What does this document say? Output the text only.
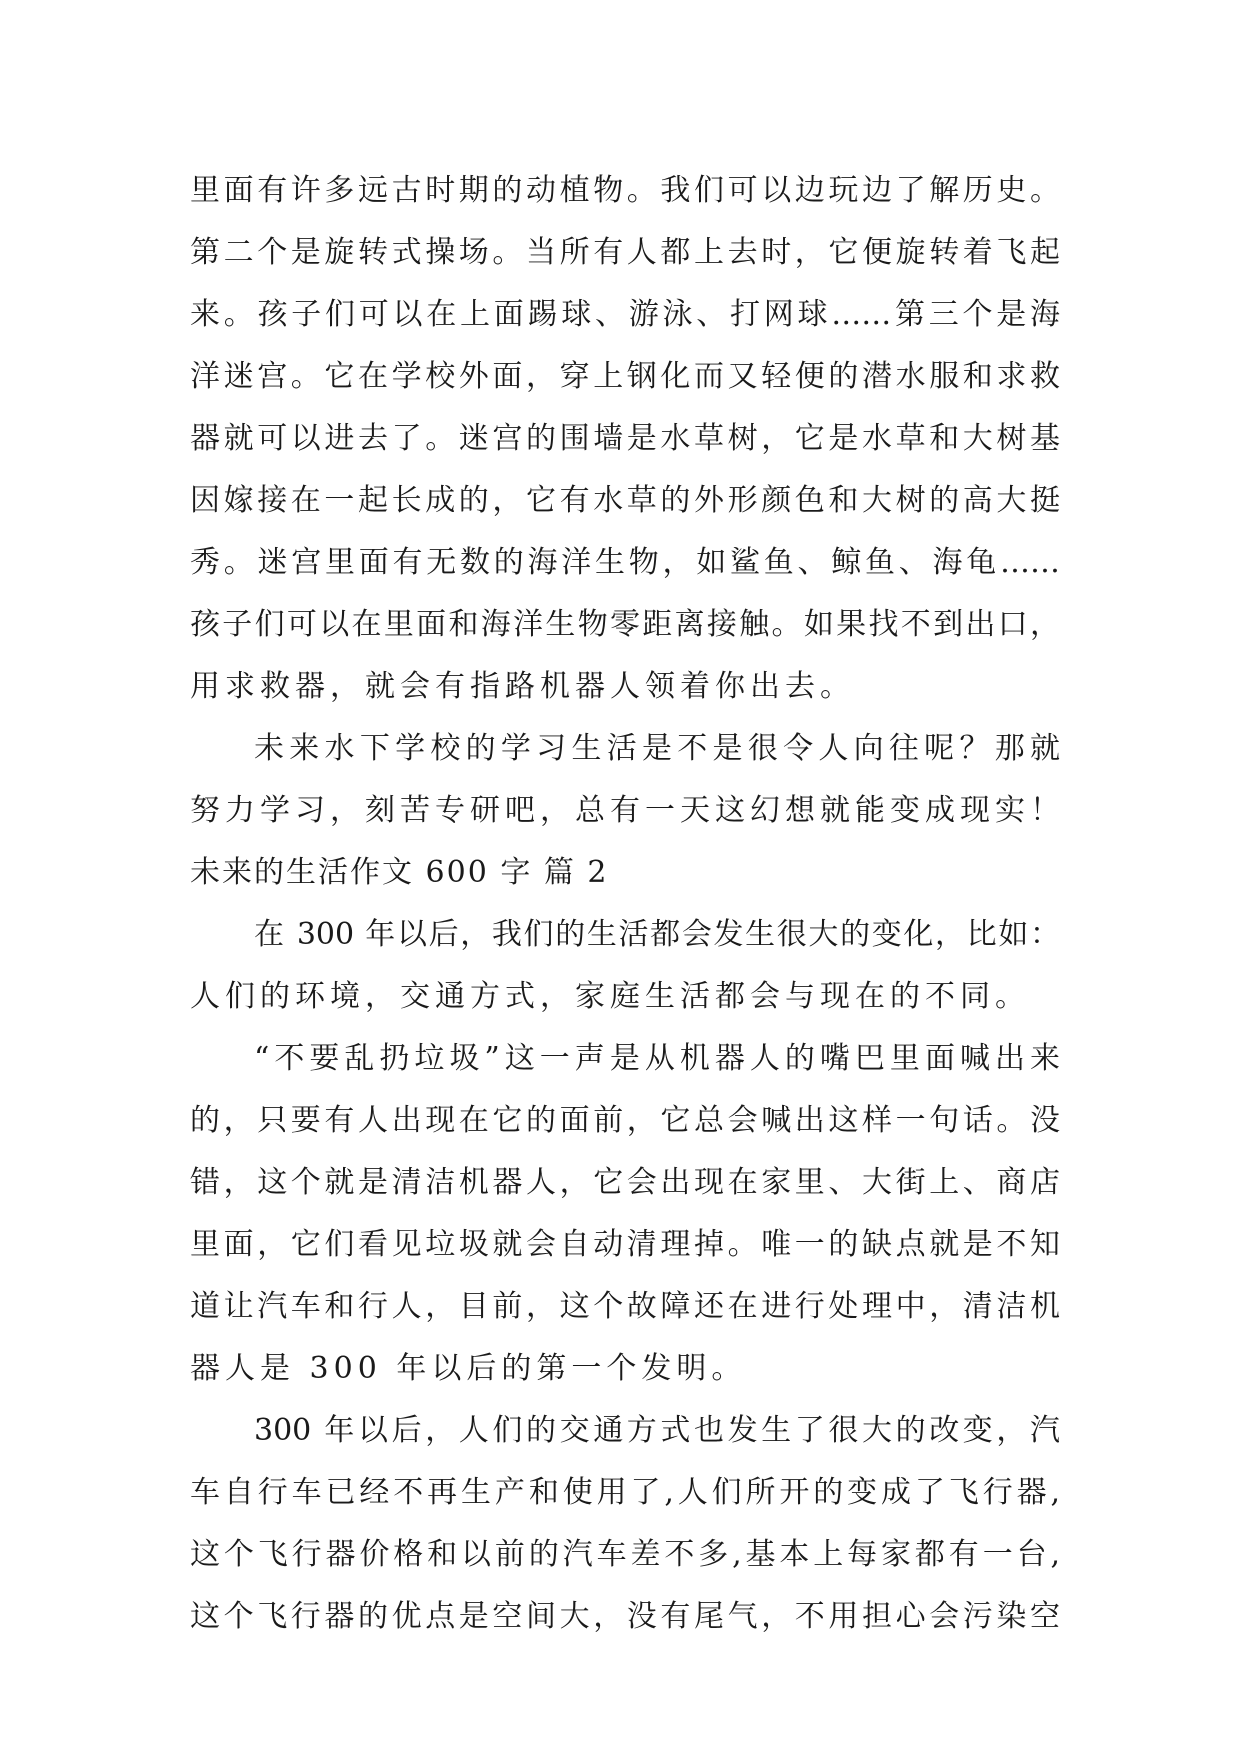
里面有许多远古时期的动植物。我们可以边玩边了解历史。
第二个是旋转式操场。当所有人都上去时，它便旋转着飞起
来。孩子们可以在上面踢球、游泳、打网球……第三个是海
洋迷宫。它在学校外面，穿上钢化而又轻便的潜水服和求救
器就可以进去了。迷宫的围墙是水草树，它是水草和大树基
因嫁接在一起长成的，它有水草的外形颜色和大树的高大挺
秀。迷宫里面有无数的海洋生物，如鲨鱼、鲸鱼、海龟……
孩子们可以在里面和海洋生物零距离接触。如果找不到出口，
用求救器，就会有指路机器人领着你出去。
未来水下学校的学习生活是不是很令人向往呢？那就
努力学习，刻苦专研吧，总有一天这幻想就能变成现实！
未来的生活作文 600 字 篇 2
在 300 年以后，我们的生活都会发生很大的变化，比如：
人们的环境，交通方式，家庭生活都会与现在的不同。
“不要乱扔垃圾”这一声是从机器人的嘴巴里面喊出来
的，只要有人出现在它的面前，它总会喊出这样一句话。没
错，这个就是清洁机器人，它会出现在家里、大街上、商店
里面，它们看见垃圾就会自动清理掉。唯一的缺点就是不知
道让汽车和行人，目前，这个故障还在进行处理中，清洁机
器人是 300 年以后的第一个发明。
300 年以后，人们的交通方式也发生了很大的改变，汽
车自行车已经不再生产和使用了,人们所开的变成了飞行器,
这个飞行器价格和以前的汽车差不多,基本上每家都有一台,
这个飞行器的优点是空间大，没有尾气，不用担心会污染空
